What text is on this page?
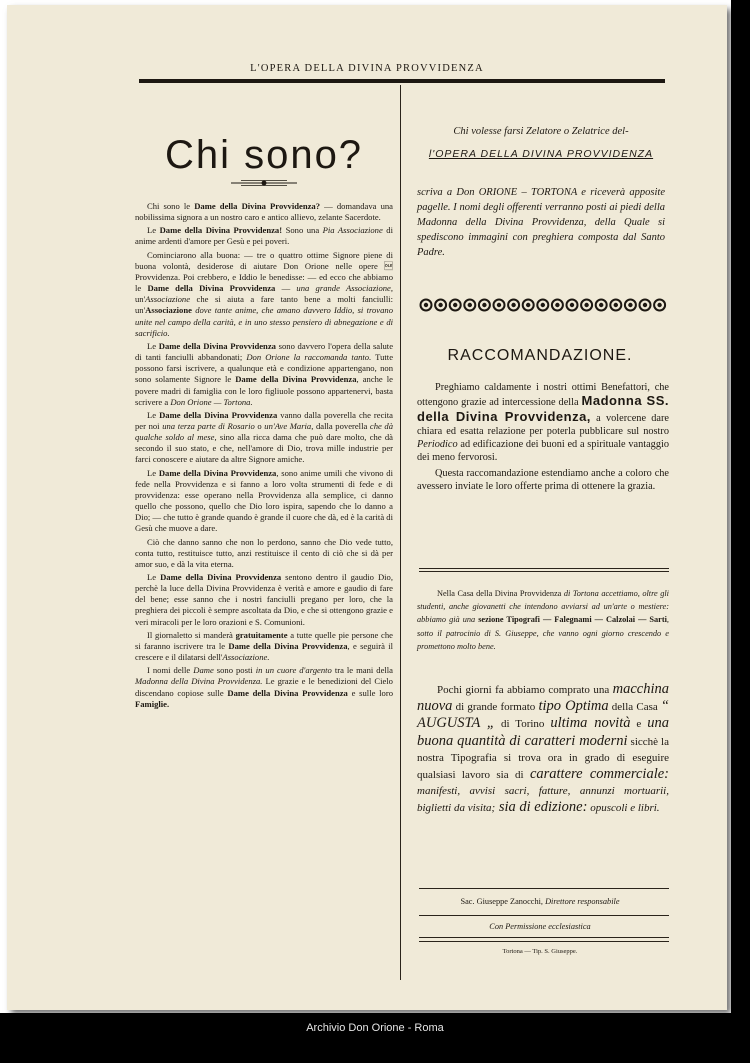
L'OPERA DELLA DIVINA PROVVIDENZA
Chi sono?

Chi sono le Dame della Divina Provvidenza? — domandava una nobilissima signora a un nostro caro e antico allievo, zelante Sacerdote.

Le Dame della Divina Provvidenza! Sono una Pia Associazione di anime ardenti d'amore per Gesù e pei poveri.

Cominciarono alla buona: — tre o quattro ottime Signore piene di buona volontà, desiderose di aiutare Don Orione nelle opere  Provvidenza. Poi crebbero, e Iddio le benedisse: — ed ecco che abbiamo le Dame della Divina Provvidenza — una grande Associazione, un'Associazione che si aiuta a fare tanto bene a molti fanciulli: un'Associazione dove tante anime, che amano davvero Iddio, si trovano unite nel campo della carità, e in uno stesso pensiero di abnegazione e di sacrificio.

Le Dame della Divina Provvidenza sono davvero l'opera della salute di tanti fanciulli abbandonati; Don Orione la raccomanda tanto. Tutte possono farsi iscrivere, a qualunque età e condizione appartengano, non sono solamente Signore le Dame della Divina Provvidenza, anche le povere madri di famiglia con le loro figliuole possono appartenervi, basta scrivere a Don Orione — Tortona.

Le Dame della Divina Provvidenza vanno dalla poverella che recita per noi una terza parte di Rosario o un'Ave Maria, dalla poverella che dà qualche soldo al mese, sino alla ricca dama che può dare molto, che dà secondo il suo stato, e che, nell'amore di Dio, trova mille industrie per farci conoscere e aiutare da altre Signore amiche.

Le Dame della Divina Provvidenza, sono anime umili che vivono di fede nella Provvidenza e si fanno a loro volta strumenti di fede e di provvidenza: esse operano nella Provvidenza alla semplice, ci danno quello che possono, quello che Dio loro ispira, sapendo che lo danno a Dio; — che tutto è grande quando è grande il cuore che dà, ed è la carità di Gesù che muove a dare.

Ciò che danno sanno che non lo perdono, sanno che Dio vede tutto, conta tutto, restituisce tutto, anzi restituisce il cento di ciò che si dà per amor suo, e dà la vita eterna.

Le Dame della Divina Provvidenza sentono dentro il gaudio Dio, perchè la luce della Divina Provvidenza è verità e amore e gaudio di fare del bene; esse sanno che i nostri fanciulli pregano per loro, che la preghiera dei piccoli è sempre ascoltata da Dio, e che si ottengono grazie e veri miracoli per le loro orazioni e S. Comunioni.

Il giornaletto si manderà gratuitamente a tutte quelle pie persone che si faranno iscrivere tra le Dame della Divina Provvidenza, e seguirà il crescere e il dilatarsi dell'Associazione.

I nomi delle Dame sono posti in un cuore d'argento tra le mani della Madonna della Divina Provvidenza. Le grazie e le benedizioni del Cielo discendano copiose sulle Dame della Divina Provvidenza e sulle loro Famiglie.

Chi volesse farsi Zelatore o Zelatrice del-
l'OPERA DELLA DIVINA PROVVIDENZA
scriva a Don ORIONE – TORTONA e riceverà apposite pagelle. I nomi degli offerenti verranno posti ai piedi della Madonna della Divina Provvidenza, della Quale si spediscono immagini con preghiera composta dal Santo Padre.
RACCOMANDAZIONE.

Preghiamo caldamente i nostri ottimi Benefattori, che ottengono grazie ad intercessione della Madonna SS. della Divina Provvidenza, a volercene dare chiara ed esatta relazione per poterla pubblicare sul nostro Periodico ad edificazione dei buoni ed a spirituale vantaggio dei meno fervorosi.

Questa raccomandazione estendiamo anche a coloro che avessero inviate le loro offerte prima di ottenere la grazia.

Nella Casa della Divina Provvidenza di Tortona accettiamo, oltre gli studenti, anche giovanetti che intendono avviarsi ad un'arte o mestiere: abbiamo già una sezione Tipografi — Falegnami — Calzolai — Sarti, sotto il patrocinio di S. Giuseppe, che vanno ogni giorno crescendo e promettono molto bene.

Pochi giorni fa abbiamo comprato una macchina nuova di grande formato tipo Optima della Casa “ AUGUSTA „ di Torino ultima novità e una buona quantità di caratteri moderni sicchè la nostra Tipografia si trova ora in grado di eseguire qualsiasi lavoro sia di carattere commerciale: manifesti, avvisi sacri, fatture, annunzi mortuarii, biglietti da visita; sia di edizione: opuscoli e libri.

Sac. Giuseppe Zanocchi, Direttore responsabile
Con Permissione ecclesiastica
Tortona — Tip. S. Giuseppe.
Archivio Don Orione - Roma
